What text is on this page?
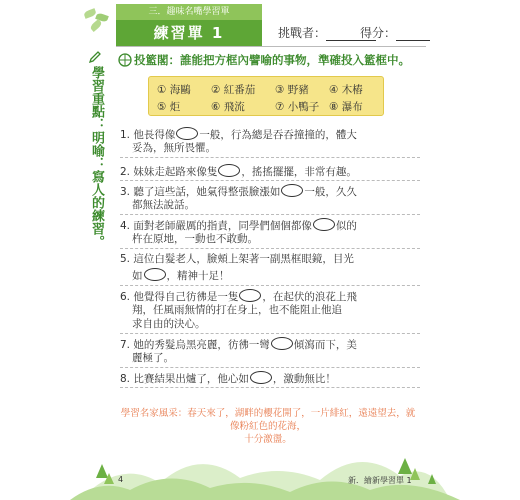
三．趣味名嘴學習單
練習單 1	挑戰者：	得分：
學習重點：明喻：寫人的練習。
投籃閣：誰能把方框內譬喻的事物，準確投入籃框中。
① 海鷗 ② 紅番茄 ③ 野豬 ④ 木樁
⑤ 炬	⑥ 飛流	⑦ 小鴨子 ⑧ 瀑布
1. 他長得像 一般，行為總是吞吞撞撞的，體大
妥為，無所畏懼。
2. 妹妹走起路來像隻 ，搖搖擺擺，非常有趣。
3. 聽了這些話，她氣得整張臉漲如 一般，久久
都無法說話。
4. 面對老師嚴厲的指責，同學們個個都像 似的
杵在原地，一動也不敢動。
5. 這位白髮老人，臉頰上架著一副黑框眼鏡，目光
如 ，精神十足！
6. 他覺得自己彷彿是一隻 ，在起伏的浪花上飛
翔，任風雨無情的打在身上，也不能阻止他追
求自由的決心。
7. 她的秀髮烏黑亮麗，彷彿一彎 傾瀉而下，美
麗極了。
8. 比賽結果出爐了，他心如 ，激動無比！
學習名家風采：春天來了，湖畔的櫻花開了，一片緋紅，遠遠望去，就像粉紅色的花海，
十分激盪。
4	新．繪新學習單 1
